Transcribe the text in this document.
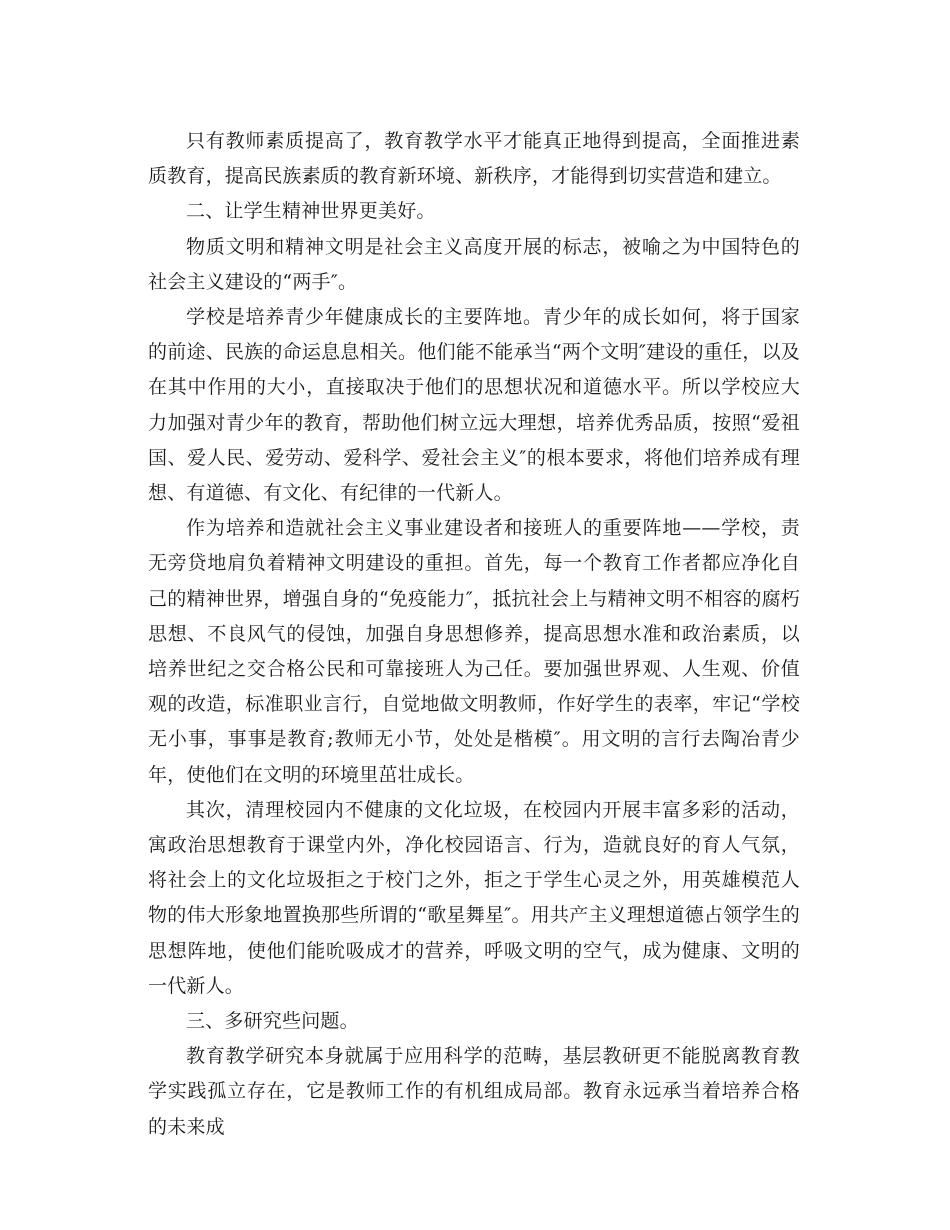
只有教师素质提高了，教育教学水平才能真正地得到提高，全面推进素质教育，提高民族素质的教育新环境、新秩序，才能得到切实营造和建立。

二、让学生精神世界更美好。

物质文明和精神文明是社会主义高度开展的标志，被喻之为中国特色的社会主义建设的“两手″。

学校是培养青少年健康成长的主要阵地。青少年的成长如何，将于国家的前途、民族的命运息息相关。他们能不能承当“两个文明″建设的重任，以及在其中作用的大小，直接取决于他们的思想状况和道德水平。所以学校应大力加强对青少年的教育，帮助他们树立远大理想，培养优秀品质，按照“爱祖国、爱人民、爱劳动、爱科学、爱社会主义″的根本要求，将他们培养成有理想、有道德、有文化、有纪律的一代新人。

作为培养和造就社会主义事业建设者和接班人的重要阵地——学校，责无旁贷地肩负着精神文明建设的重担。首先，每一个教育工作者都应净化自己的精神世界，增强自身的“免疫能力″，抵抗社会上与精神文明不相容的腐朽思想、不良风气的侵蚀，加强自身思想修养，提高思想水准和政治素质，以培养世纪之交合格公民和可靠接班人为己任。要加强世界观、人生观、价值观的改造，标准职业言行，自觉地做文明教师，作好学生的表率，牢记“学校无小事，事事是教育;教师无小节，处处是楷模″。用文明的言行去陶冶青少年，使他们在文明的环境里茁壮成长。

其次，清理校园内不健康的文化垃圾，在校园内开展丰富多彩的活动，寓政治思想教育于课堂内外，净化校园语言、行为，造就良好的育人气氛，将社会上的文化垃圾拒之于校门之外，拒之于学生心灵之外，用英雄模范人物的伟大形象地置换那些所谓的“歌星舞星″。用共产主义理想道德占领学生的思想阵地，使他们能吮吸成才的营养，呼吸文明的空气，成为健康、文明的一代新人。

三、多研究些问题。

教育教学研究本身就属于应用科学的范畴，基层教研更不能脱离教育教学实践孤立存在，它是教师工作的有机组成局部。教育永远承当着培养合格的未来成
